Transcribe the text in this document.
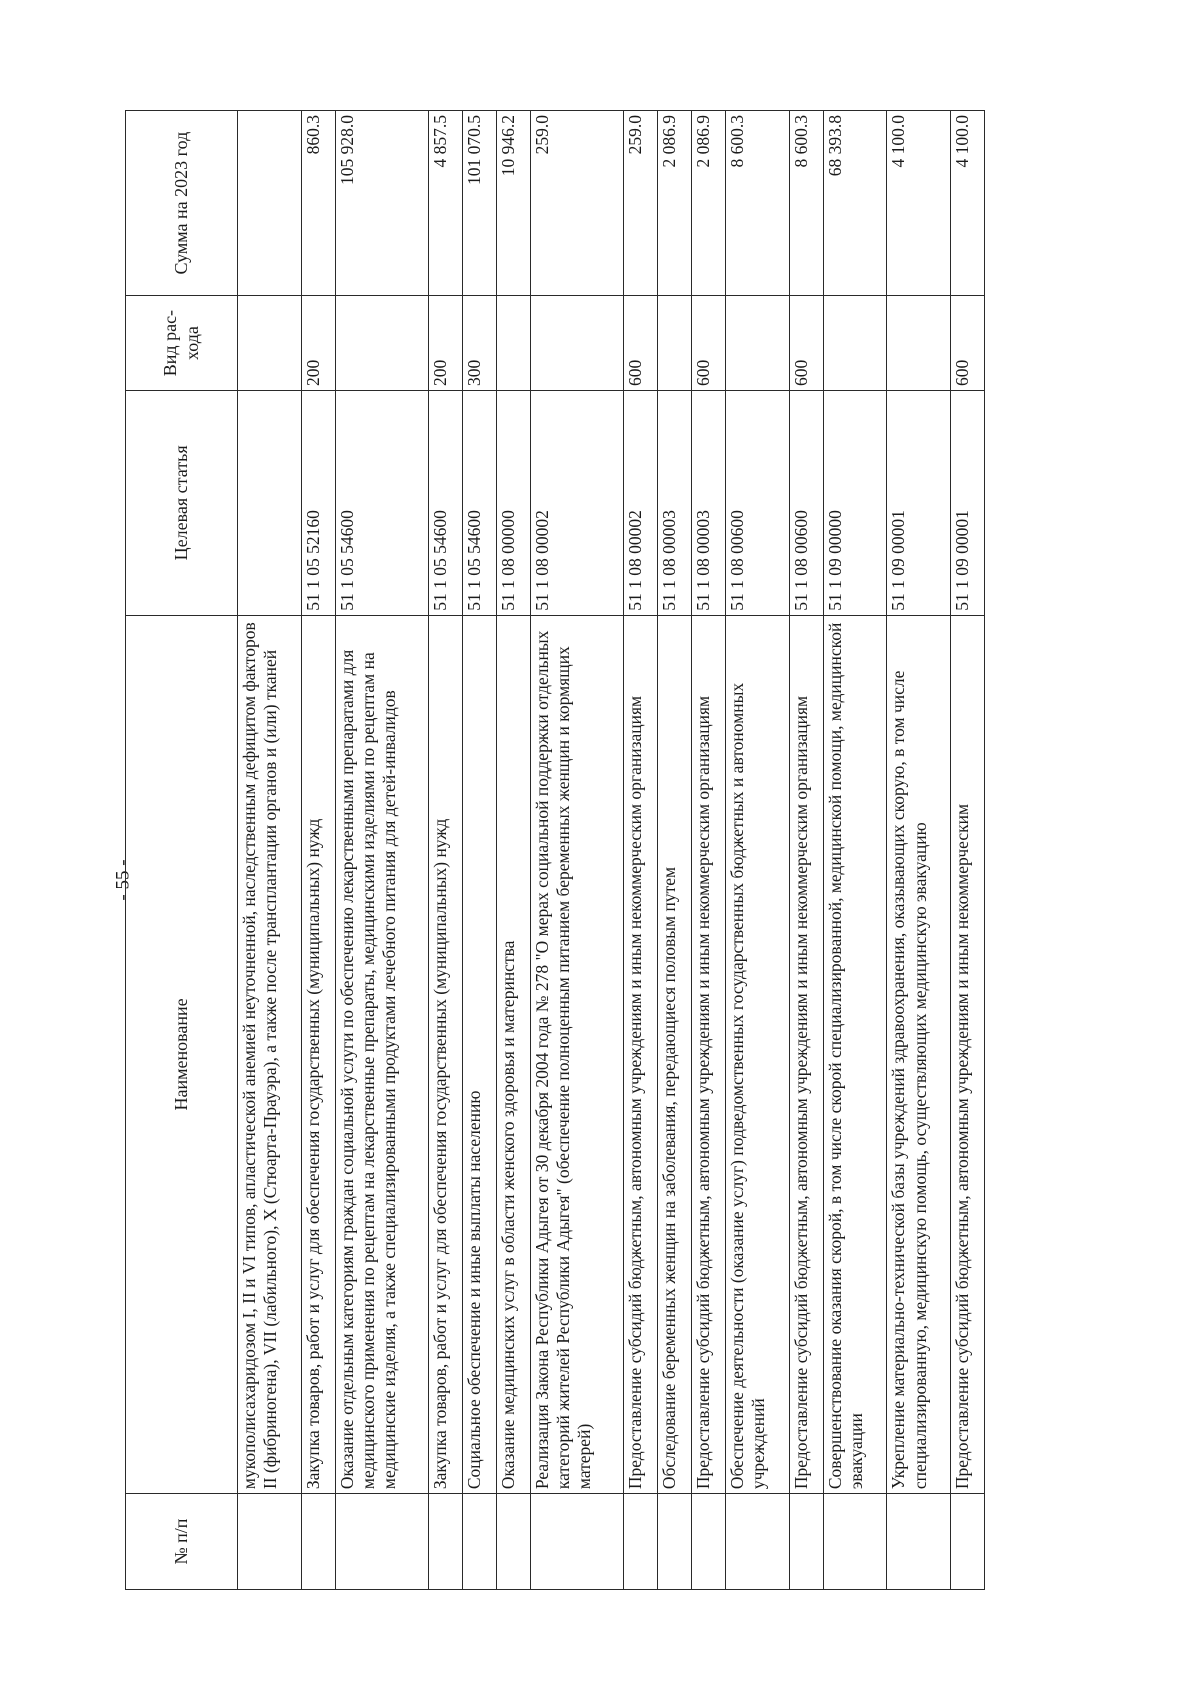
- 55 -
№ п/п	Наименование	Целевая статья	Вид рас-хода	Сумма на 2023 год
	мукополисахаридозом I, II и VI типов, апластической анемией неуточненной, наследственным дефицитом факторов II (фибриногена), VII (лабильного), X (Стюарта-Прауэра), а также после трансплантации органов и (или) тканей			
	Закупка товаров, работ и услуг для обеспечения государственных (муниципальных) нужд	51 1 05 52160	200	860.3
	Оказание отдельным категориям граждан социальной услуги по обеспечению лекарственными препаратами для медицинского применения по рецептам на лекарственные препараты, медицинскими изделиями по рецептам на медицинские изделия, а также специализированными продуктами лечебного питания для детей-инвалидов	51 1 05 54600		105 928.0
	Закупка товаров, работ и услуг для обеспечения государственных (муниципальных) нужд	51 1 05 54600	200	4 857.5
	Социальное обеспечение и иные выплаты населению	51 1 05 54600	300	101 070.5
	Оказание медицинских услуг в области женского здоровья и материнства	51 1 08 00000		10 946.2
	Реализация Закона Республики Адыгея от 30 декабря 2004 года № 278 "О мерах социальной поддержки отдельных категорий жителей Республики Адыгея" (обеспечение полноценным питанием беременных женщин и кормящих матерей)	51 1 08 00002		259.0
	Предоставление субсидий бюджетным, автономным учреждениям и иным некоммерческим организациям	51 1 08 00002	600	259.0
	Обследование беременных женщин на заболевания, передающиеся половым путем	51 1 08 00003		2 086.9
	Предоставление субсидий бюджетным, автономным учреждениям и иным некоммерческим организациям	51 1 08 00003	600	2 086.9
	Обеспечение деятельности (оказание услуг) подведомственных государственных бюджетных и автономных учреждений	51 1 08 00600		8 600.3
	Предоставление субсидий бюджетным, автономным учреждениям и иным некоммерческим организациям	51 1 08 00600	600	8 600.3
	Совершенствование оказания скорой, в том числе скорой специализированной, медицинской помощи, медицинской эвакуации	51 1 09 00000		68 393.8
	Укрепление материально-технической базы учреждений здравоохранения, оказывающих скорую, в том числе специализированную, медицинскую помощь, осуществляющих медицинскую эвакуацию	51 1 09 00001		4 100.0
	Предоставление субсидий бюджетным, автономным учреждениям и иным некоммерческим	51 1 09 00001	600	4 100.0
